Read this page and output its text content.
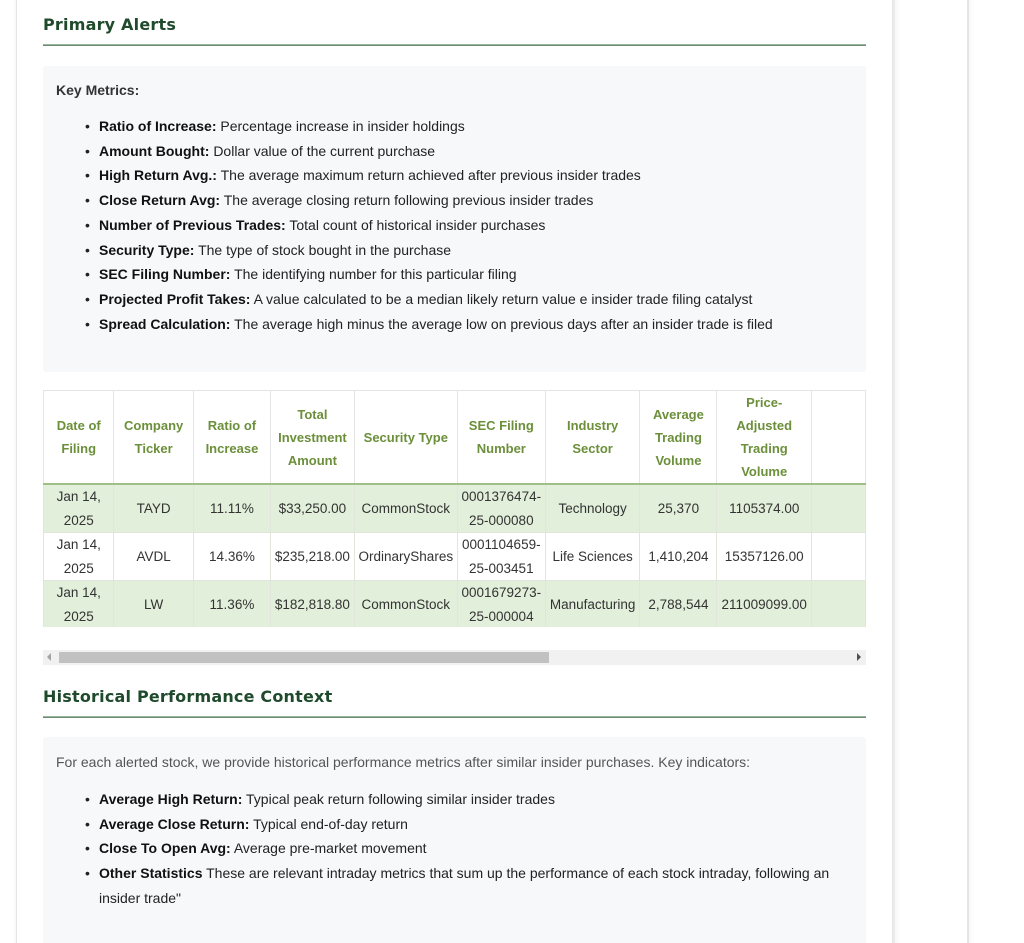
Primary Alerts
Key Metrics:
• Ratio of Increase: Percentage increase in insider holdings
• Amount Bought: Dollar value of the current purchase
• High Return Avg.: The average maximum return achieved after previous insider trades
• Close Return Avg: The average closing return following previous insider trades
• Number of Previous Trades: Total count of historical insider purchases
• Security Type: The type of stock bought in the purchase
• SEC Filing Number: The identifying number for this particular filing
• Projected Profit Takes: A value calculated to be a median likely return value e insider trade filing catalyst
• Spread Calculation: The average high minus the average low on previous days after an insider trade is filed
Date of Filing	Company Ticker	Ratio of Increase	Total Investment Amount	Security Type	SEC Filing Number	Industry Sector	Average Trading Volume	Price-Adjusted Trading Volume	
Jan 14, 2025	TAYD	11.11%	$33,250.00	CommonStock	0001376474-25-000080	Technology	25,370	1105374.00	
Jan 14, 2025	AVDL	14.36%	$235,218.00	OrdinaryShares	0001104659-25-003451	Life Sciences	1,410,204	15357126.00	
Jan 14, 2025	LW	11.36%	$182,818.80	CommonStock	0001679273-25-000004	Manufacturing	2,788,544	211009099.00	
Historical Performance Context
For each alerted stock, we provide historical performance metrics after similar insider purchases. Key indicators:
• Average High Return: Typical peak return following similar insider trades
• Average Close Return: Typical end-of-day return
• Close To Open Avg: Average pre-market movement
• Other Statistics These are relevant intraday metrics that sum up the performance of each stock intraday, following an insider trade"
